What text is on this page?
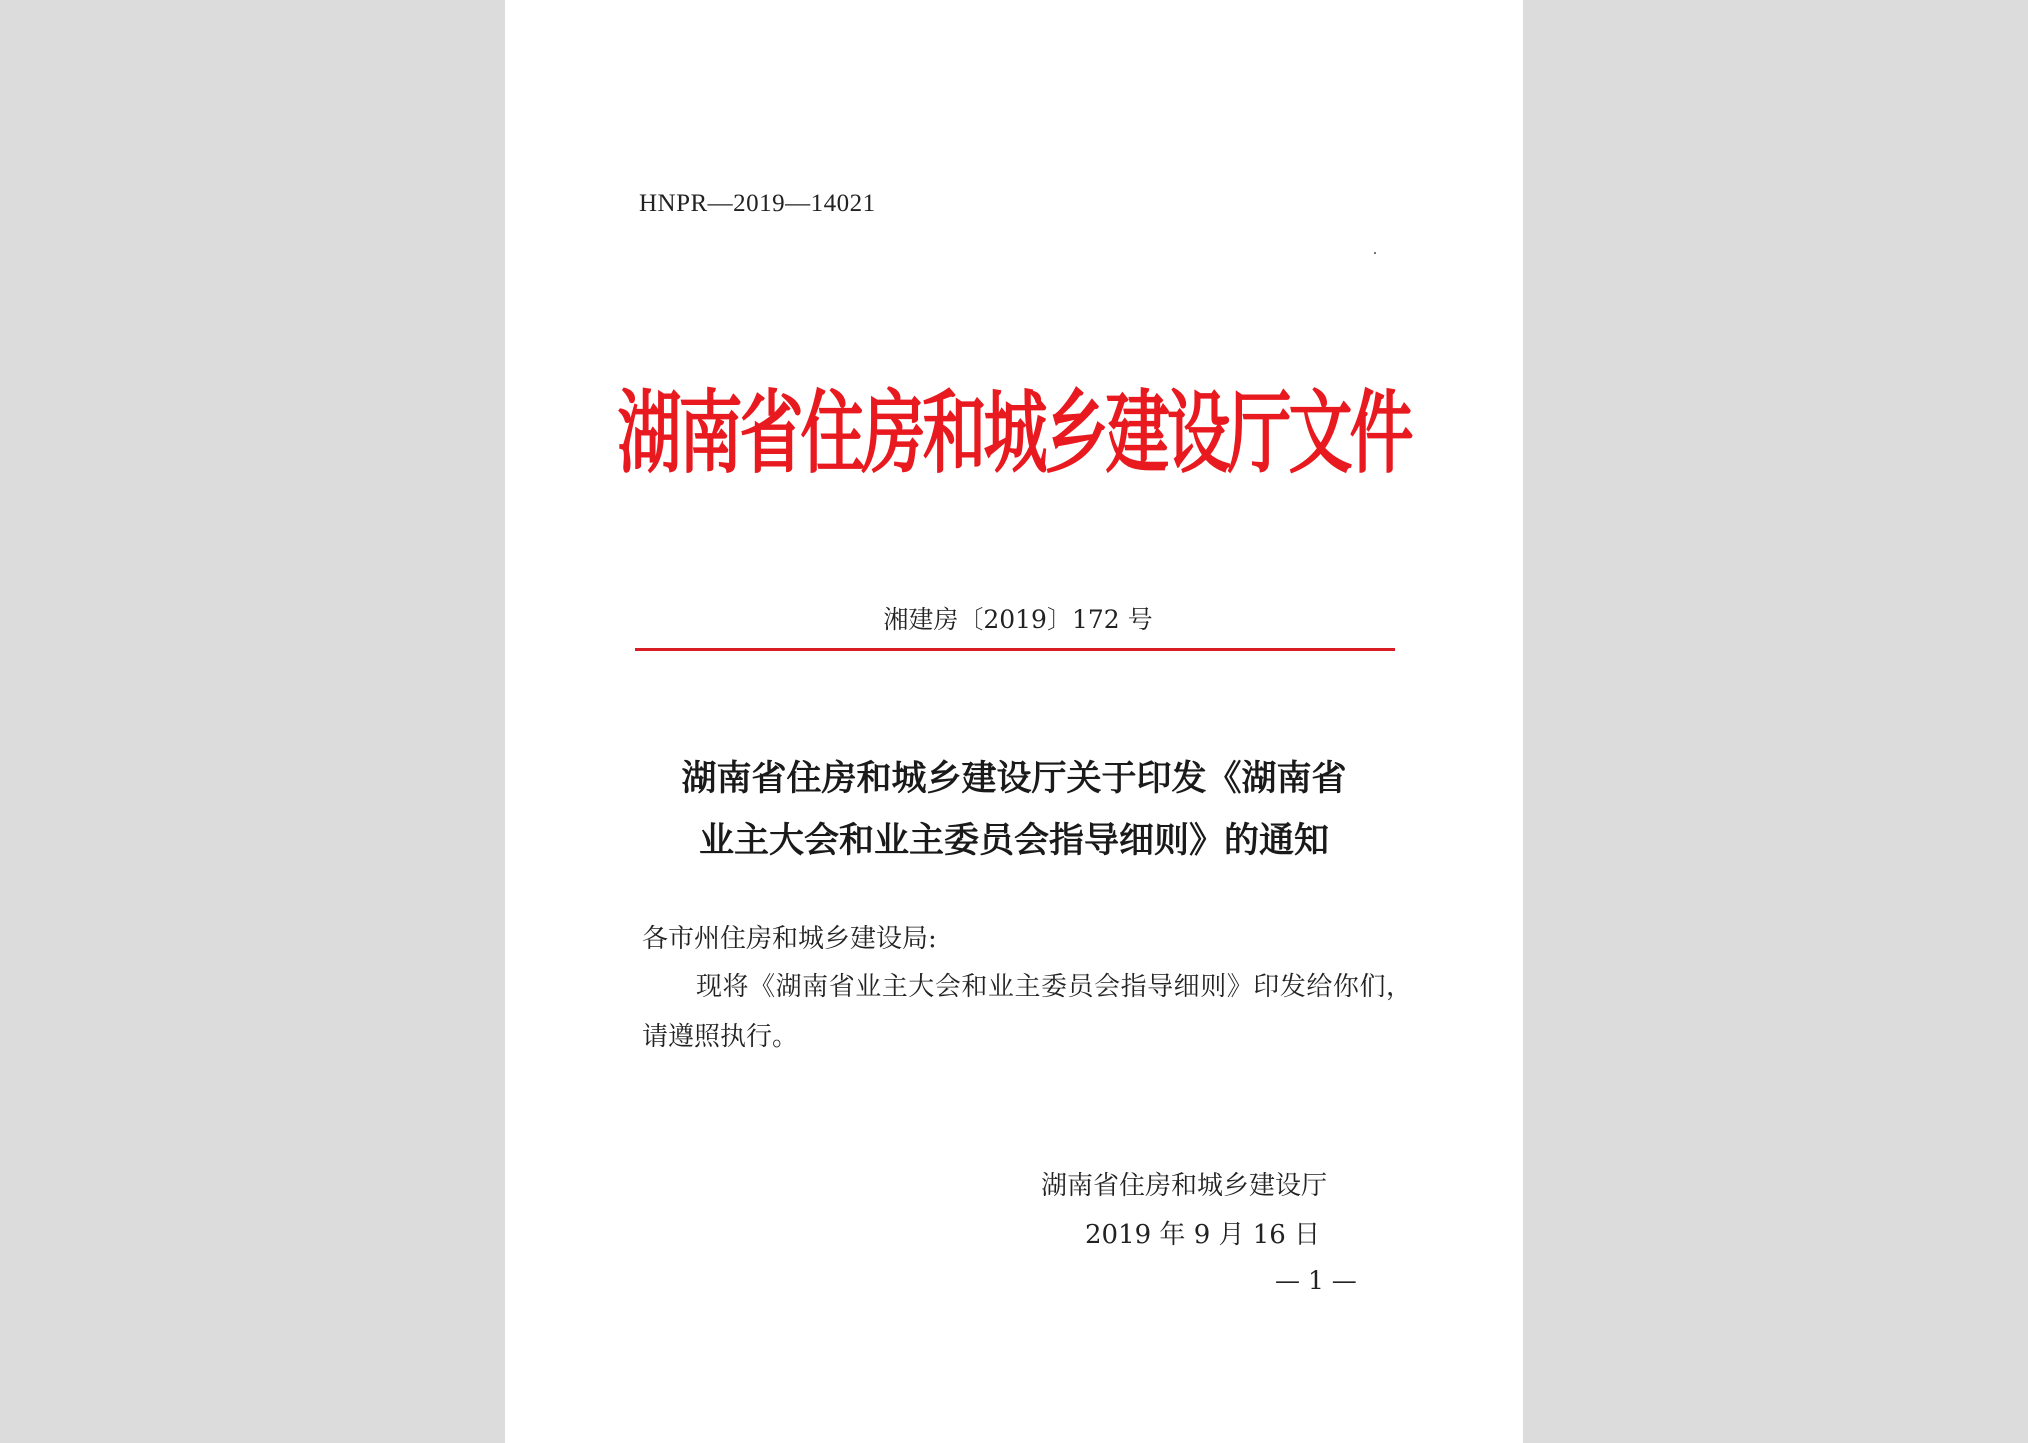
HNPR—2019—14021
湖南省住房和城乡建设厅文件
湘建房〔2019〕172 号
湖南省住房和城乡建设厅关于印发《湖南省
业主大会和业主委员会指导细则》的通知
各市州住房和城乡建设局:
现将《湖南省业主大会和业主委员会指导细则》印发给你们，请遵照执行。
湖南省住房和城乡建设厅
2019 年 9 月 16 日
— 1 —
